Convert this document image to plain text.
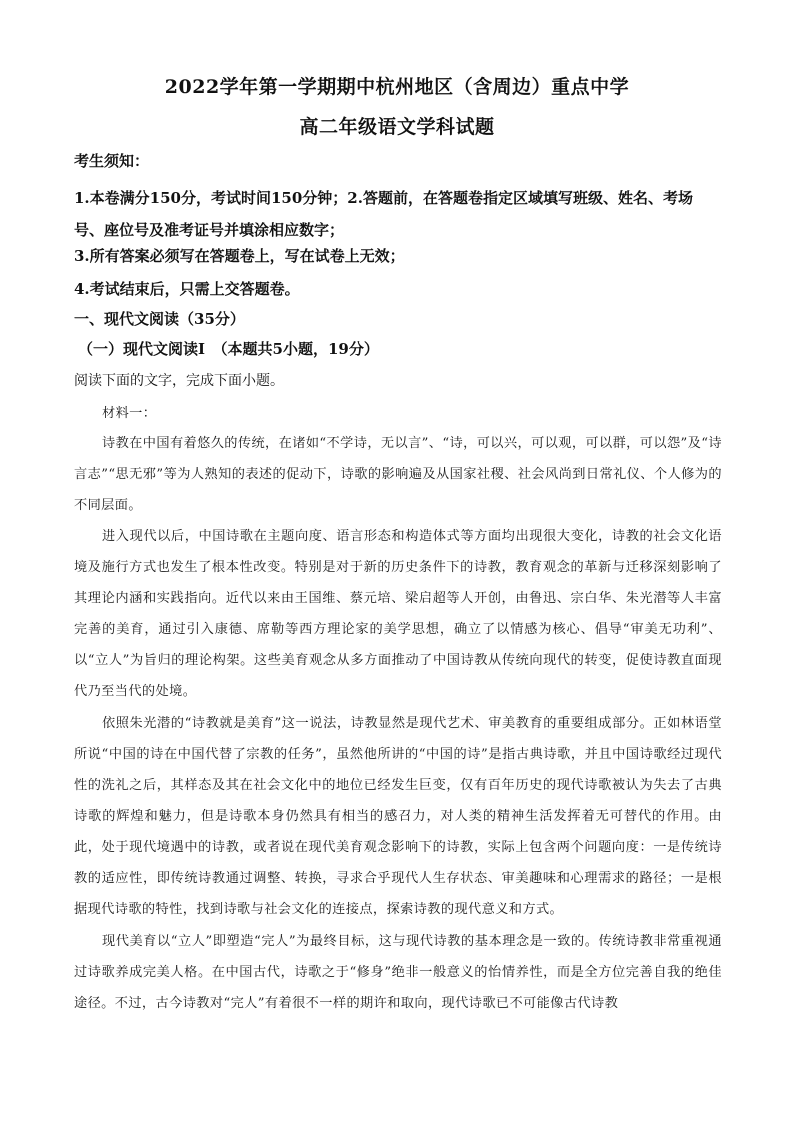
2022学年第一学期期中杭州地区（含周边）重点中学
高二年级语文学科试题
考生须知：
1.本卷满分150分，考试时间150分钟；2.答题前，在答题卷指定区域填写班级、姓名、考场号、座位号及准考证号并填涂相应数字；
3.所有答案必须写在答题卷上，写在试卷上无效；
4.考试结束后，只需上交答题卷。
一、现代文阅读（35分）
（一）现代文阅读Ⅰ　（本题共5小题，19分）
阅读下面的文字，完成下面小题。
材料一：
诗教在中国有着悠久的传统，在诸如“不学诗，无以言”、“诗，可以兴，可以观，可以群，可以怨”及“诗言志”“思无邪”等为人熟知的表述的促动下，诗歌的影响遍及从国家社稷、社会风尚到日常礼仪、个人修为的不同层面。
进入现代以后，中国诗歌在主题向度、语言形态和构造体式等方面均出现很大变化，诗教的社会文化语境及施行方式也发生了根本性改变。特别是对于新的历史条件下的诗教，教育观念的革新与迁移深刻影响了其理论内涵和实践指向。近代以来由王国维、蔡元培、梁启超等人开创，由鲁迅、宗白华、朱光潜等人丰富完善的美育，通过引入康德、席勒等西方理论家的美学思想，确立了以情感为核心、倡导“审美无功利”、以“立人”为旨归的理论构架。这些美育观念从多方面推动了中国诗教从传统向现代的转变，促使诗教直面现代乃至当代的处境。
依照朱光潜的“诗教就是美育”这一说法，诗教显然是现代艺术、审美教育的重要组成部分。正如林语堂所说“中国的诗在中国代替了宗教的任务”，虽然他所讲的“中国的诗”是指古典诗歌，并且中国诗歌经过现代性的洗礼之后，其样态及其在社会文化中的地位已经发生巨变，仅有百年历史的现代诗歌被认为失去了古典诗歌的辉煌和魅力，但是诗歌本身仍然具有相当的感召力，对人类的精神生活发挥着无可替代的作用。由此，处于现代境遇中的诗教，或者说在现代美育观念影响下的诗教，实际上包含两个问题向度：一是传统诗教的适应性，即传统诗教通过调整、转换，寻求合乎现代人生存状态、审美趣味和心理需求的路径；一是根据现代诗歌的特性，找到诗歌与社会文化的连接点，探索诗教的现代意义和方式。
现代美育以“立人”即塑造“完人”为最终目标，这与现代诗教的基本理念是一致的。传统诗教非常重视通过诗歌养成完美人格。在中国古代，诗歌之于“修身”绝非一般意义的怡情养性，而是全方位完善自我的绝佳途径。不过，古今诗教对“完人”有着很不一样的期许和取向，现代诗歌已不可能像古代诗教
